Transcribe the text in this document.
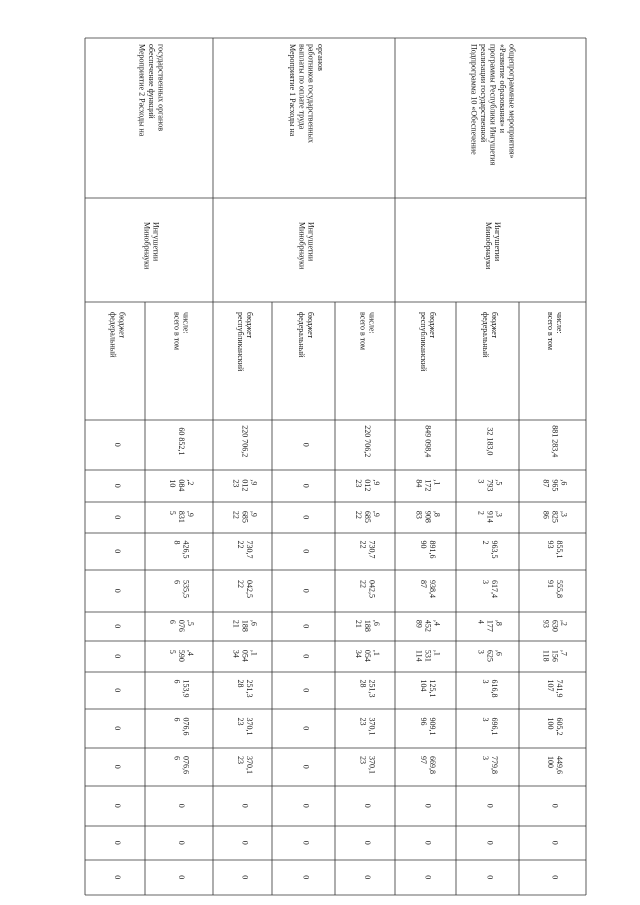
Подпрограмма 10 «Обеспечениереализации государственнойпрограммы Республики Ингушетия«Развитие образования» иобщепрограммные мероприятия»
МинобрнаукиИнгушетии
всего в томчисле:
881 283,4
87965,6
86825,3
93855,1
91555,8
93630,2
118156,7
107741,9
100605,2
100449,6
0
0
0
федеральныйбюджет
32 183,0
3793,5
2914,3
2963,5
3617,4
4177,8
3625,6
3616,8
3696,1
3779,8
0
0
0
республиканскийбюджет
849 098,4
84172,1
83908,8
90891,6
87938,4
89452,4
114531,1
104125,1
96909,1
97669,8
0
0
0
Мероприятие 1 Расходы навыплаты по оплате трудаработников государственныхорганов
МинобрнаукиИнгушетии
всего в томчисле:
220 706,2
23012,9
22685,9
22730,7
22042,5
21188,6
34054,1
28251,3
23370,1
23370,1
0
0
0
федеральныйбюджет
0
0
0
0
0
0
0
0
0
0
0
0
0
республиканскийбюджет
220 706,2
23012,9
22685,9
22730,7
22042,5
21188,6
34054,1
28251,3
23370,1
23370,1
0
0
0
Мероприятие 2 Расходы наобеспечение функцийгосударственных органов
МинобрнаукиИнгушетии
всего в томчисле:
60 852,1
10084,2
5831,9
8426,5
6535,5
6076,5
5590,4
6153,9
6076,6
6076,6
0
0
0
федеральныйбюджет
0
0
0
0
0
0
0
0
0
0
0
0
0
